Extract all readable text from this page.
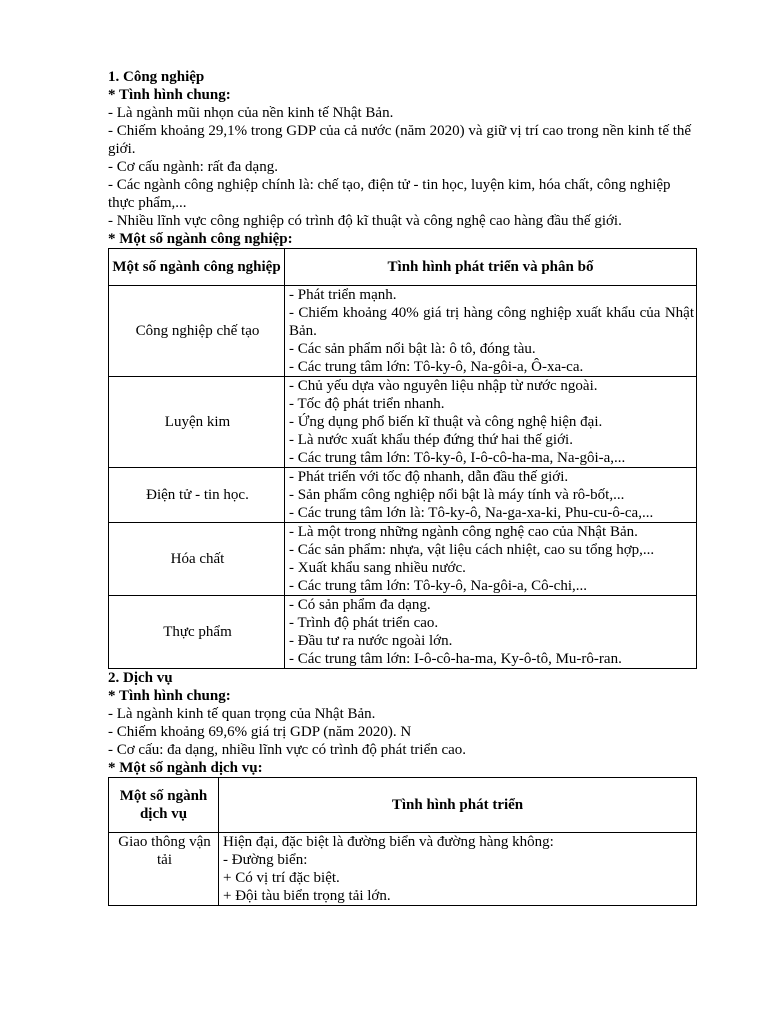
1. Công nghiệp

* Tình hình chung:

- Là ngành mũi nhọn của nền kinh tế Nhật Bản.

- Chiếm khoảng 29,1% trong GDP của cả nước (năm 2020) và giữ vị trí cao trong nền kinh tế thế giới.

- Cơ cấu ngành: rất đa dạng.

- Các ngành công nghiệp chính là: chế tạo, điện tử - tin học, luyện kim, hóa chất, công nghiệp thực phẩm,...

- Nhiều lĩnh vực công nghiệp có trình độ kĩ thuật và công nghệ cao hàng đầu thế giới.

* Một số ngành công nghiệp:

Một số ngành công nghiệp	Tình hình phát triển và phân bố
Công nghiệp chế tạo	- Phát triển mạnh.
- Chiếm khoảng 40% giá trị hàng công nghiệp xuất khẩu của Nhật Bản.
- Các sản phẩm nổi bật là: ô tô, đóng tàu.
- Các trung tâm lớn: Tô-ky-ô, Na-gôi-a, Ô-xa-ca.

Luyện kim	- Chủ yếu dựa vào nguyên liệu nhập từ nước ngoài.
- Tốc độ phát triển nhanh.
- Ứng dụng phổ biến kĩ thuật và công nghệ hiện đại.
- Là nước xuất khẩu thép đứng thứ hai thế giới.
- Các trung tâm lớn: Tô-ky-ô, I-ô-cô-ha-ma, Na-gôi-a,...

Điện tử - tin học.	- Phát triển với tốc độ nhanh, dẫn đầu thế giới.
- Sản phẩm công nghiệp nổi bật là máy tính và rô-bốt,...
- Các trung tâm lớn là: Tô-ky-ô, Na-ga-xa-ki, Phu-cu-ô-ca,...

Hóa chất	- Là một trong những ngành công nghệ cao của Nhật Bản.
- Các sản phẩm: nhựa, vật liệu cách nhiệt, cao su tổng hợp,...
- Xuất khẩu sang nhiều nước.
- Các trung tâm lớn: Tô-ky-ô, Na-gôi-a, Cô-chi,...

Thực phẩm	- Có sản phẩm đa dạng.
- Trình độ phát triển cao.
- Đầu tư ra nước ngoài lớn.
- Các trung tâm lớn: I-ô-cô-ha-ma, Ky-ô-tô, Mu-rô-ran.

2. Dịch vụ

* Tình hình chung:

- Là ngành kinh tế quan trọng của Nhật Bản.

- Chiếm khoảng 69,6% giá trị GDP (năm 2020). N

- Cơ cấu: đa dạng, nhiều lĩnh vực có trình độ phát triển cao.

* Một số ngành dịch vụ:

Một số ngành dịch vụ	Tình hình phát triển
Giao thông vận tải	Hiện đại, đặc biệt là đường biển và đường hàng không:
- Đường biển:
+ Có vị trí đặc biệt.
+ Đội tàu biển trọng tải lớn.
